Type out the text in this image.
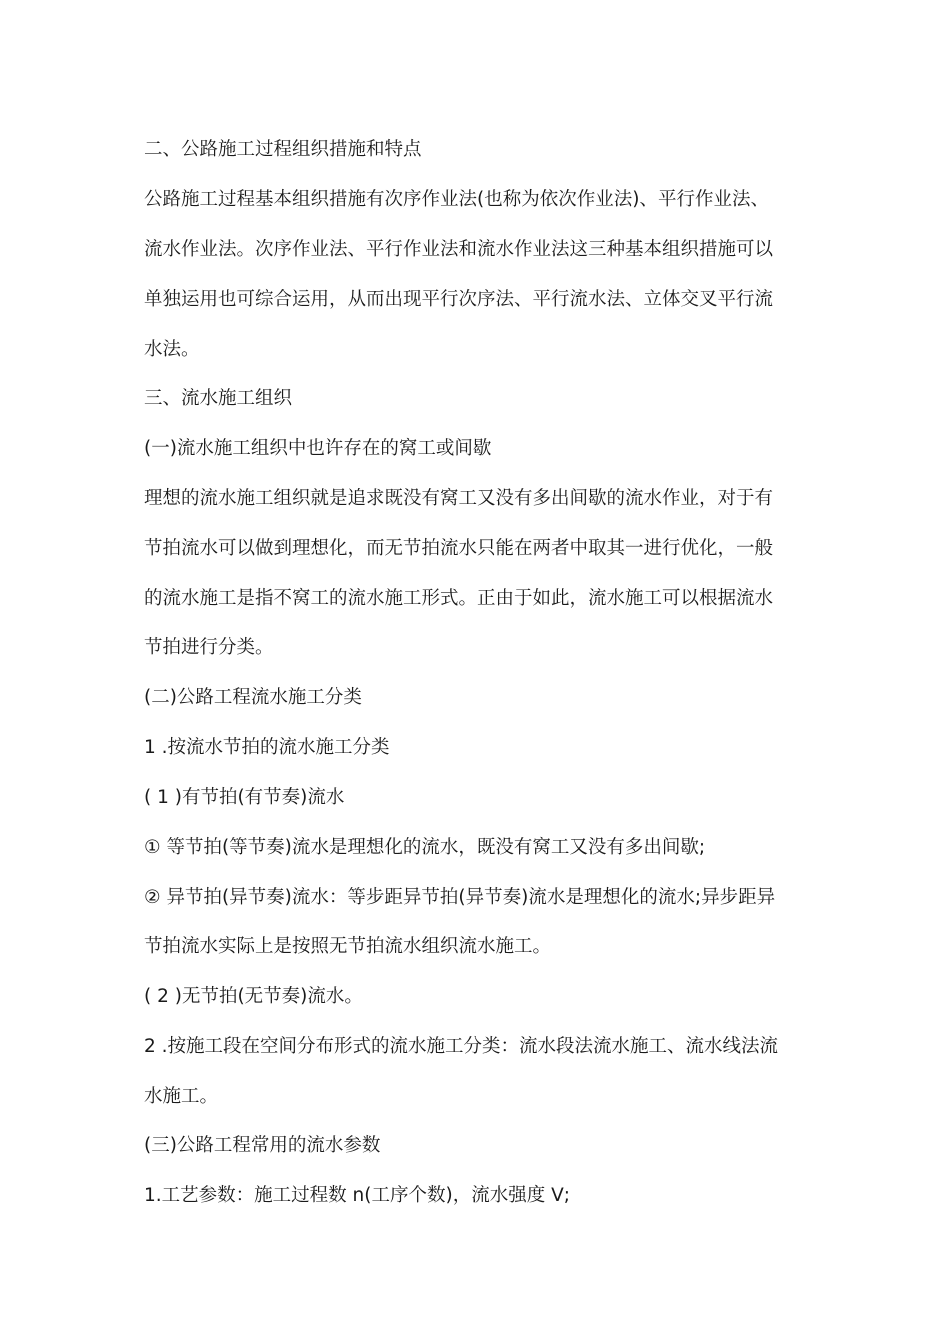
二、公路施工过程组织措施和特点
公路施工过程基本组织措施有次序作业法(也称为依次作业法)、平行作业法、
流水作业法。次序作业法、平行作业法和流水作业法这三种基本组织措施可以
单独运用也可综合运用，从而出现平行次序法、平行流水法、立体交叉平行流
水法。
三、流水施工组织
(一)流水施工组织中也许存在的窝工或间歇
理想的流水施工组织就是追求既没有窝工又没有多出间歇的流水作业，对于有
节拍流水可以做到理想化，而无节拍流水只能在两者中取其一进行优化，一般
的流水施工是指不窝工的流水施工形式。正由于如此，流水施工可以根据流水
节拍进行分类。
(二)公路工程流水施工分类
1 .按流水节拍的流水施工分类
( 1 )有节拍(有节奏)流水
① 等节拍(等节奏)流水是理想化的流水，既没有窝工又没有多出间歇;
② 异节拍(异节奏)流水：等步距异节拍(异节奏)流水是理想化的流水;异步距异
节拍流水实际上是按照无节拍流水组织流水施工。
( 2 )无节拍(无节奏)流水。
2 .按施工段在空间分布形式的流水施工分类：流水段法流水施工、流水线法流
水施工。
(三)公路工程常用的流水参数
1.工艺参数：施工过程数 n(工序个数)，流水强度 V;
